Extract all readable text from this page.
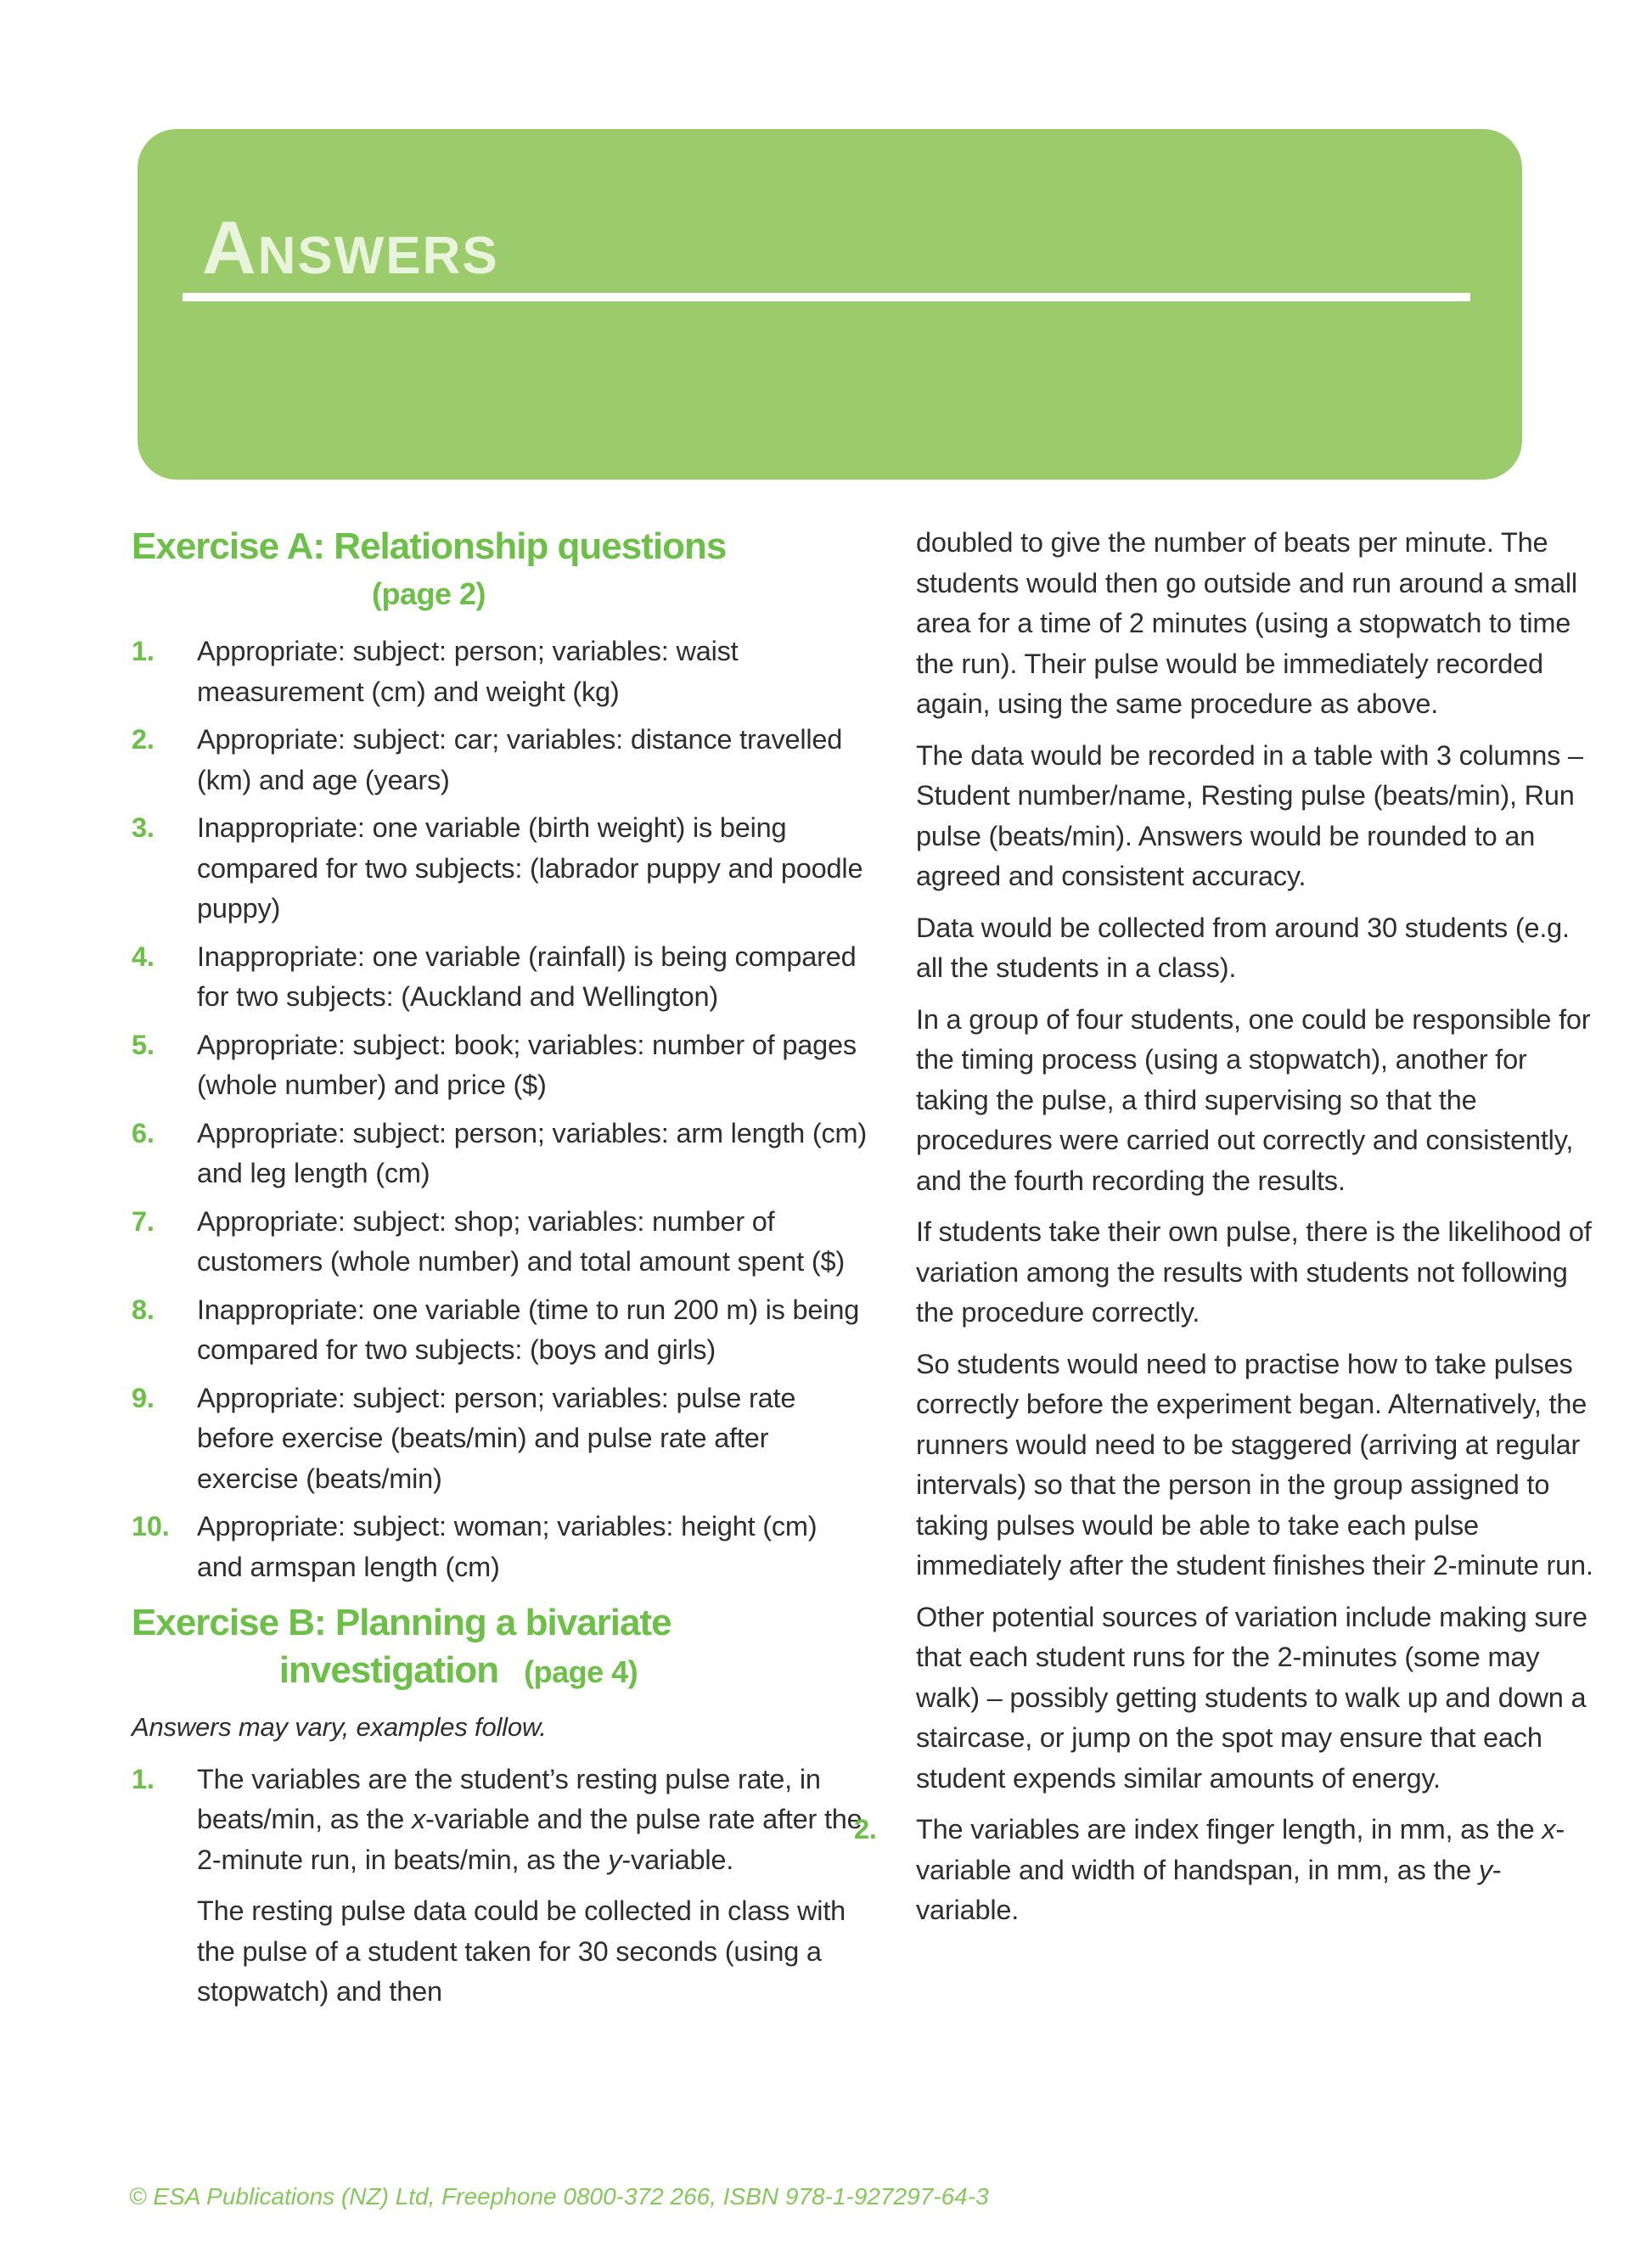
ANSWERS
Exercise A: Relationship questions
(page 2)
1.	Appropriate: subject: person; variables: waist measurement (cm) and weight (kg)
2.	Appropriate: subject: car; variables: distance travelled (km) and age (years)
3.	Inappropriate: one variable (birth weight) is being compared for two subjects: (labrador puppy and poodle puppy)
4.	Inappropriate: one variable (rainfall) is being compared for two subjects: (Auckland and Wellington)
5.	Appropriate: subject: book; variables: number of pages (whole number) and price ($)
6.	Appropriate: subject: person; variables: arm length (cm) and leg length (cm)
7.	Appropriate: subject: shop; variables: number of customers (whole number) and total amount spent ($)
8.	Inappropriate: one variable (time to run 200 m) is being compared for two subjects: (boys and girls)
9.	Appropriate: subject: person; variables: pulse rate before exercise (beats/min) and pulse rate after exercise (beats/min)
10. Appropriate: subject: woman; variables: height (cm) and armspan length (cm)
Exercise B: Planning a bivariate
investigation (page 4)
Answers may vary, examples follow.
1.	The variables are the student’s resting pulse rate, in beats/min, as the x-variable and the pulse rate after the 2-minute run, in beats/min, as the y-variable.

The resting pulse data could be collected in class with the pulse of a student taken for 30 seconds (using a stopwatch) and then

doubled to give the number of beats per minute. The students would then go outside and run around a small area for a time of 2 minutes (using a stopwatch to time the run). Their pulse would be immediately recorded again, using the same procedure as above.
The data would be recorded in a table with 3 columns – Student number/name, Resting pulse (beats/min), Run pulse (beats/min). Answers would be rounded to an agreed and consistent accuracy.
Data would be collected from around 30 students (e.g. all the students in a class).
In a group of four students, one could be responsible for the timing process (using a stopwatch), another for taking the pulse, a third supervising so that the procedures were carried out correctly and consistently, and the fourth recording the results.
If students take their own pulse, there is the likelihood of variation among the results with students not following the procedure correctly.
So students would need to practise how to take pulses correctly before the experiment began. Alternatively, the runners would need to be staggered (arriving at regular intervals) so that the person in the group assigned to taking pulses would be able to take each pulse immediately after the student finishes their 2-minute run.
Other potential sources of variation include making sure that each student runs for the 2-minutes (some may walk) – possibly getting students to walk up and down a staircase, or jump on the spot may ensure that each student expends similar amounts of energy.
2.	The variables are index finger length, in mm, as the x-variable and width of handspan, in mm, as the y-variable.
© ESA Publications (NZ) Ltd, Freephone 0800-372 266, ISBN 978-1-927297-64-3
